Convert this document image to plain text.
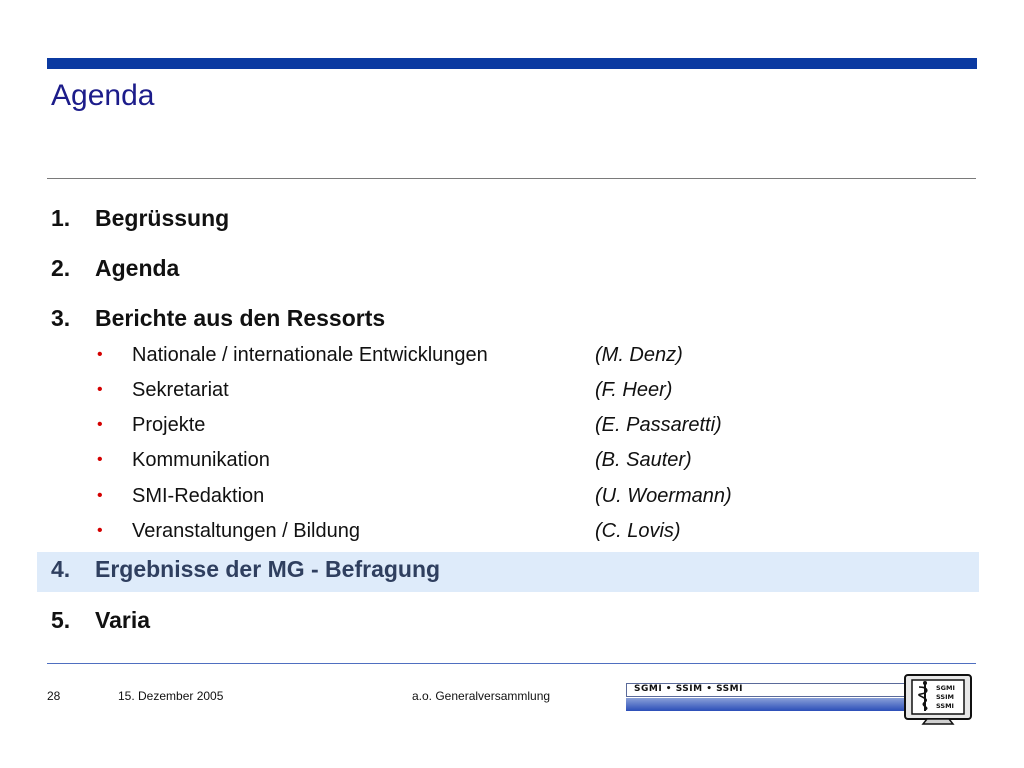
Agenda
1. Begrüssung
2. Agenda
3. Berichte aus den Ressorts
• Nationale / internationale Entwicklungen	(M. Denz)
• Sekretariat	(F. Heer)
• Projekte	(E. Passaretti)
• Kommunikation	(B. Sauter)
• SMI-Redaktion	(U. Woermann)
• Veranstaltungen / Bildung	(C. Lovis)
4. Ergebnisse der MG - Befragung
5. Varia
28	15. Dezember 2005	a.o. Generalversammlung	SGMI • SSIM • SSMI	SGMI
SSIM
SSMI
